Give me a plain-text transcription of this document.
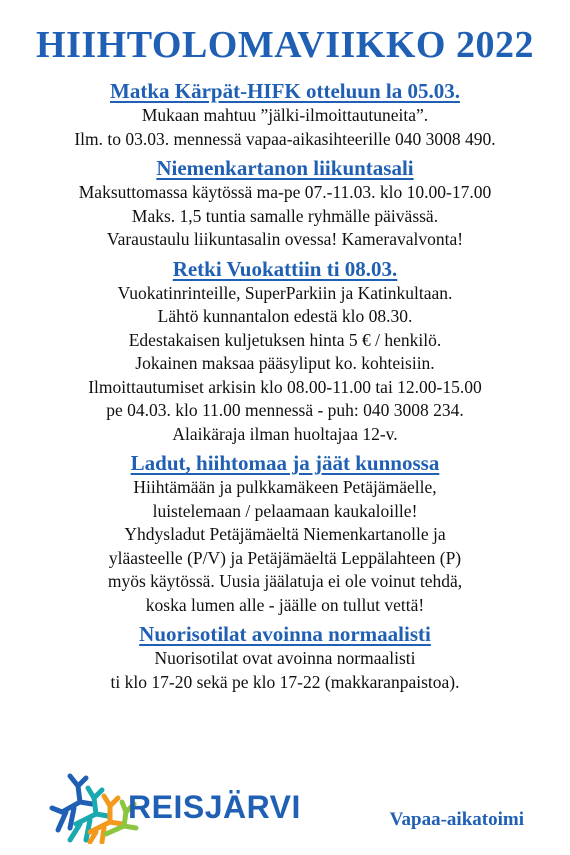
HIIHTOLOMAVIIKKO 2022
Matka Kärpät-HIFK otteluun la 05.03.

Mukaan mahtuu ”jälki-ilmoittautuneita”.

Ilm. to 03.03. mennessä vapaa-aikasihteerille 040 3008 490.

Niemenkartanon liikuntasali

Maksuttomassa käytössä ma-pe 07.-11.03. klo 10.00-17.00

Maks. 1,5 tuntia samalle ryhmälle päivässä.

Varaustaulu liikuntasalin ovessa! Kameravalvonta!

Retki Vuokattiin ti 08.03.

Vuokatinrinteille, SuperParkiin ja Katinkultaan.

Lähtö kunnantalon edestä klo 08.30.

Edestakaisen kuljetuksen hinta 5 € / henkilö.

Jokainen maksaa pääsyliput ko. kohteisiin.

Ilmoittautumiset arkisin klo 08.00-11.00 tai 12.00-15.00

pe 04.03. klo 11.00 mennessä - puh: 040 3008 234.

Alaikäraja ilman huoltajaa 12-v.

Ladut, hiihtomaa ja jäät kunnossa

Hiihtämään ja pulkkamäkeen Petäjämäelle,

luistelemaan / pelaamaan kaukaloille!

Yhdysladut Petäjämäeltä Niemenkartanolle ja

yläasteelle (P/V) ja Petäjämäeltä Leppälahteen (P)

myös käytössä. Uusia jäälatuja ei ole voinut tehdä,

koska lumen alle - jäälle on tullut vettä!

Nuorisotilat avoinna normaalisti

Nuorisotilat ovat avoinna normaalisti

ti klo 17-20 sekä pe klo 17-22 (makkaranpaistoa).

REISJÄRVI	Vapaa-aikatoimi
